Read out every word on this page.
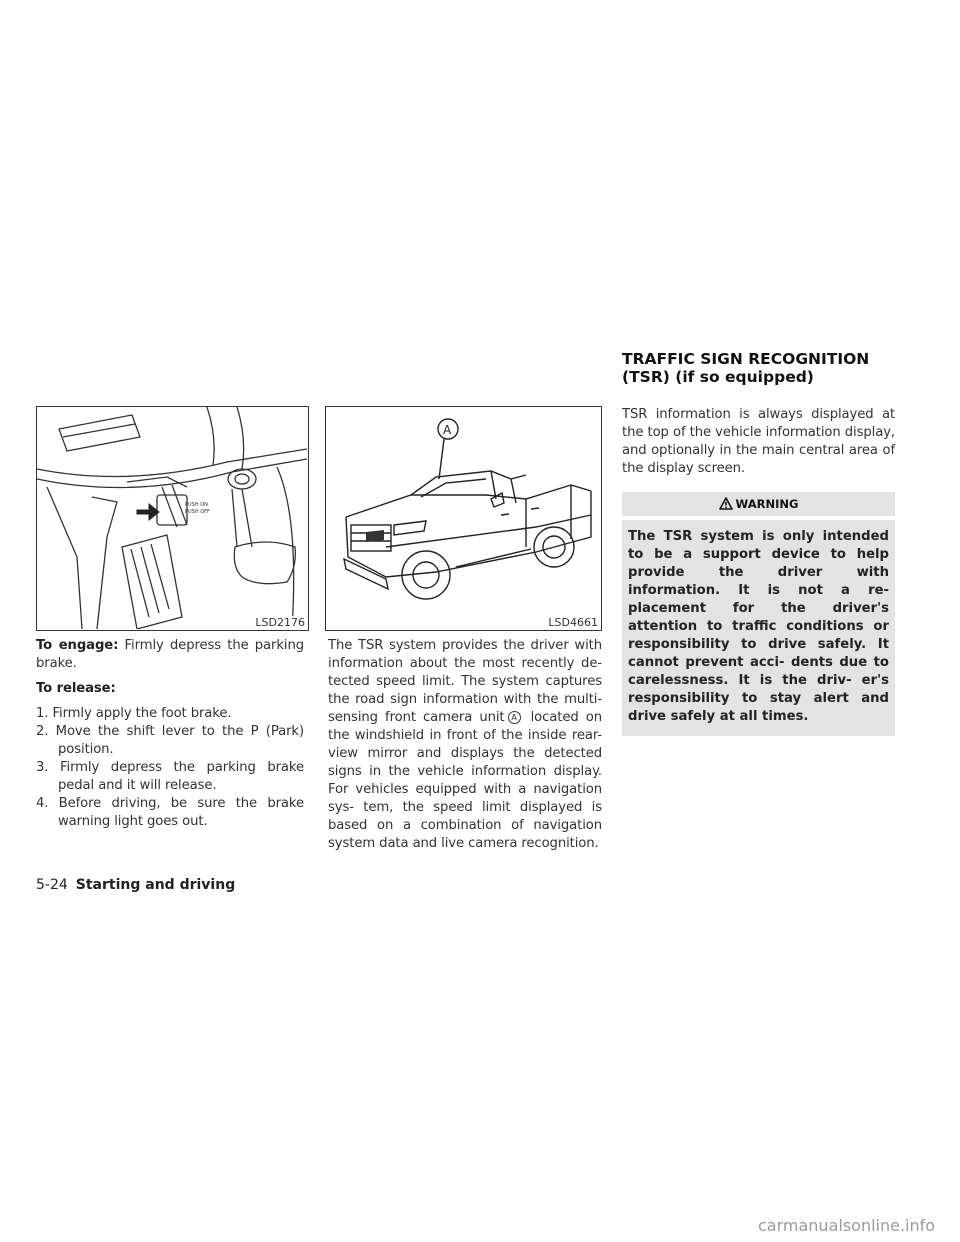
TRAFFIC SIGN RECOGNITION (TSR) (if so equipped)
PUSH ON
PUSH OFF
LSD2176
A
LSD4661

To engage: Firmly depress the parking brake.

To release:

1. Firmly apply the foot brake.

2. Move the shift lever to the P (Park) position.

3. Firmly depress the parking brake pedal and it will release.

4. Before driving, be sure the brake warning light goes out.

The TSR system provides the driver with information about the most recently de- tected speed limit. The system captures the road sign information with the multi- sensing front camera unit A located on the windshield in front of the inside rear- view mirror and displays the detected signs in the vehicle information display. For vehicles equipped with a navigation sys- tem, the speed limit displayed is based on a combination of navigation system data and live camera recognition.

TSR information is always displayed at the top of the vehicle information display, and optionally in the main central area of the display screen.

WARNING
The TSR system is only intended to be a support device to help provide the driver with information. It is not a re- placement for the driver's attention to traffic conditions or responsibility to drive safely. It cannot prevent acci- dents due to carelessness. It is the driv- er's responsibility to stay alert and drive safely at all times.
5-24 Starting and driving
carmanualsonline.info
